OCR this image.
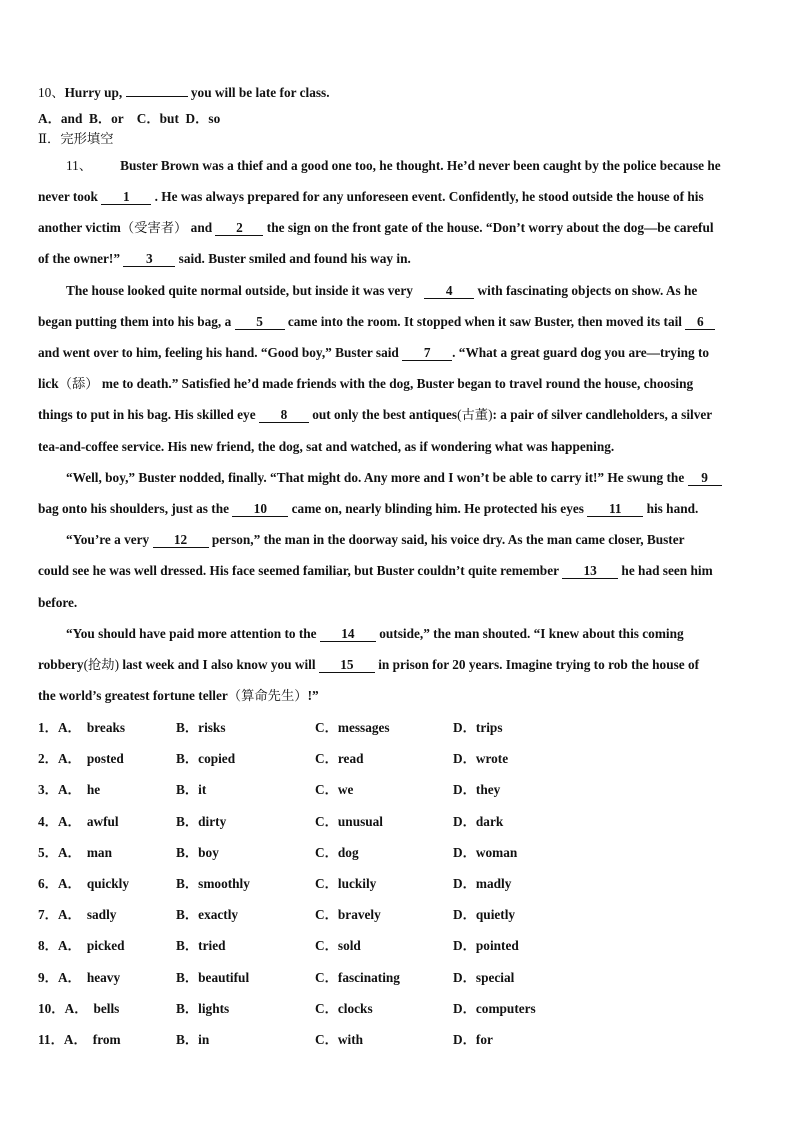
10、Hurry up,	you will be late for class.
A．and  B．or    C．but  D．so
Ⅱ．完形填空
11、 Buster Brown was a thief and a good one too, he thought. He’d never been caught by the police because he
never took 1 . He was always prepared for any unforeseen event. Confidently, he stood outside the house of his
another victim（受害者） and 2 the sign on the front gate of the house. “Don’t worry about the dog—be careful
of the owner!” 3 said. Buster smiled and found his way in.
The house looked quite normal outside, but inside it was very 4 with fascinating objects on show. As he
began putting them into his bag, a 5 came into the room. It stopped when it saw Buster, then moved its tail 6
and went over to him, feeling his hand. “Good boy,” Buster said 7 . “What a great guard dog you are—trying to
lick（舔） me to death.” Satisfied he’d made friends with the dog, Buster began to travel round the house, choosing
things to put in his bag. His skilled eye 8 out only the best antiques(古董): a pair of silver candleholders, a silver
tea-and-coffee service. His new friend, the dog, sat and watched, as if wondering what was happening.
“Well, boy,” Buster nodded, finally. “That might do. Any more and I won’t be able to carry it!” He swung the 9
bag onto his shoulders, just as the 10 came on, nearly blinding him. He protected his eyes 11 his hand.
“You’re a very 12 person,” the man in the doorway said, his voice dry. As the man came closer, Buster
could see he was well dressed. His face seemed familiar, but Buster couldn’t quite remember 13 he had seen him
before.
“You should have paid more attention to the 14 outside,” the man shouted. “I knew about this coming
robbery(抢劫) last week and I also know you will 15 in prison for 20 years. Imagine trying to rob the house of
the world’s greatest fortune teller（算命先生）!”
1．A． breaks	B．risks	C．messages	D．trips
2．A． posted	B．copied	C．read	D．wrote
3．A． he	B．it	C．we	D．they
4．A． awful	B．dirty	C．unusual	D．dark
5．A． man	B．boy	C．dog	D．woman
6．A． quickly	B．smoothly	C．luckily	D．madly
7．A． sadly	B．exactly	C．bravely	D．quietly
8．A． picked	B．tried	C．sold	D．pointed
9．A． heavy	B．beautiful	C．fascinating	D．special
10．A． bells	B．lights	C．clocks	D．computers
11．A． from	B．in	C．with	D．for
